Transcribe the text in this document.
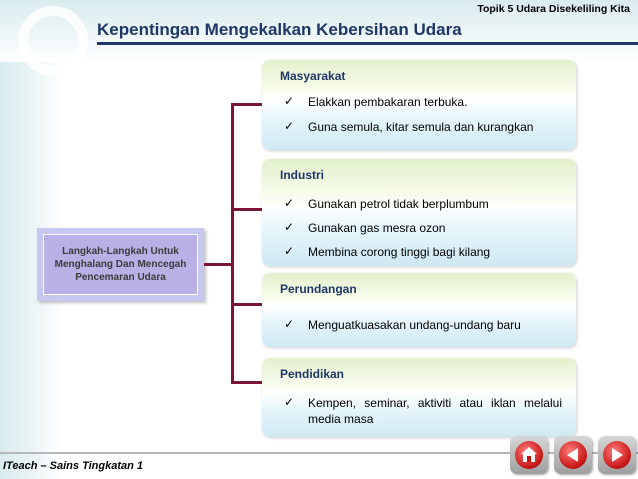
Topik 5 Udara Disekeliling Kita
Kepentingan Mengekalkan Kebersihan Udara
Langkah-Langkah Untuk Menghalang Dan Mencegah Pencemaran Udara
Masyarakat
✓	Elakkan pembakaran terbuka.
✓	Guna semula, kitar semula dan kurangkan
Industri
✓	Gunakan petrol tidak berplumbum
✓	Gunakan gas mesra ozon
✓	Membina corong tinggi bagi kilang
Perundangan
✓	Menguatkuasakan undang-undang baru
Pendidikan
✓	Kempen, seminar, aktiviti atau iklan melalui media masa
ITeach – Sains Tingkatan 1
